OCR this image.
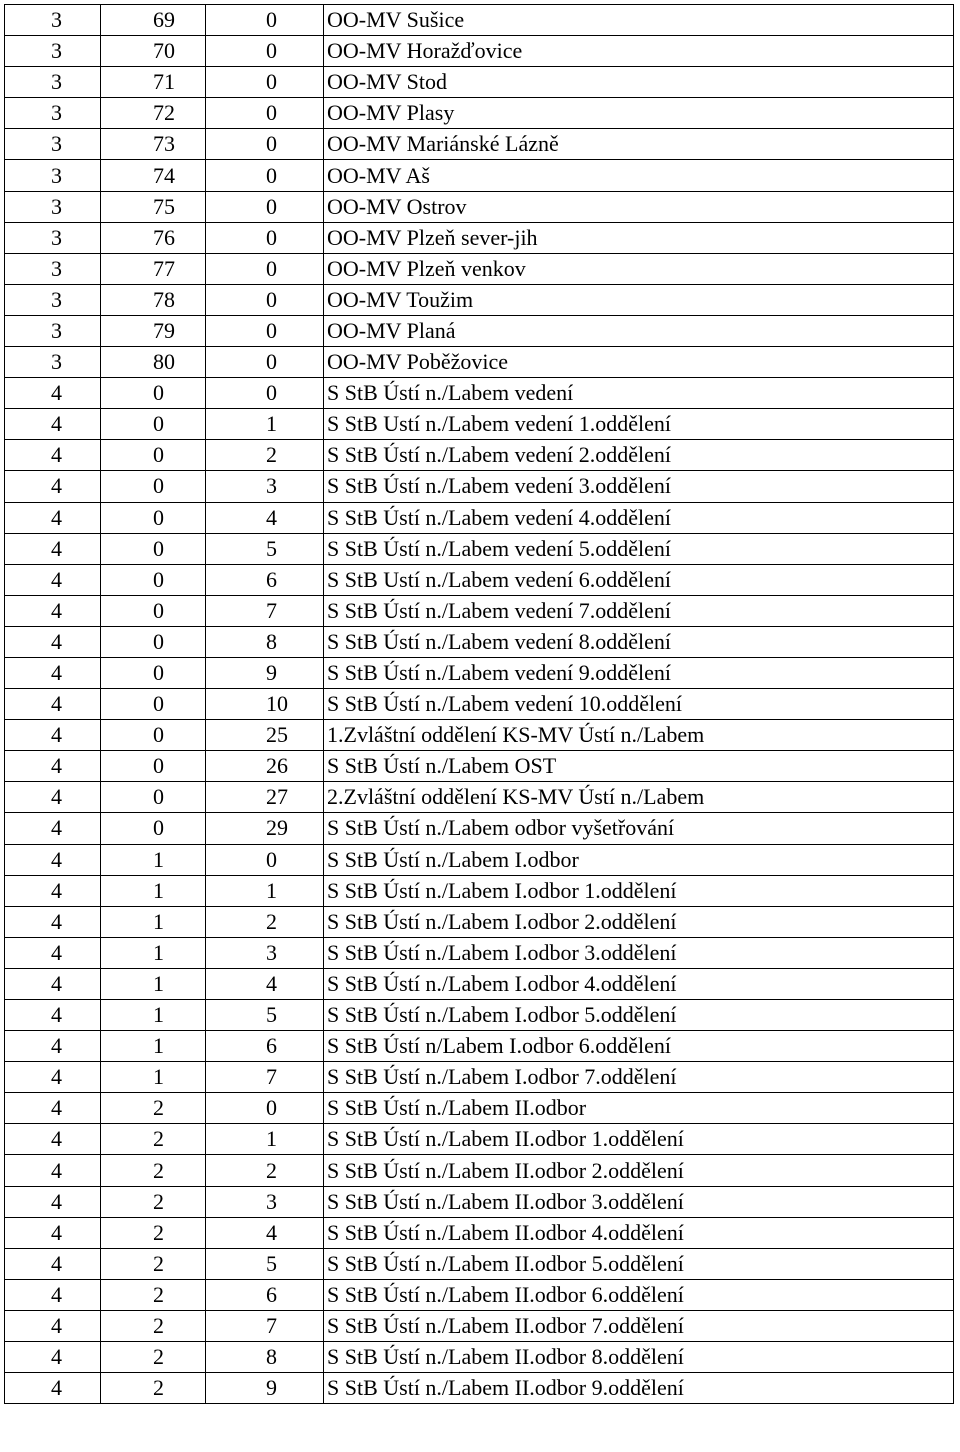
3	69	0	OO-MV Sušice
3	70	0	OO-MV Horažďovice
3	71	0	OO-MV Stod
3	72	0	OO-MV Plasy
3	73	0	OO-MV Mariánské Lázně
3	74	0	OO-MV Aš
3	75	0	OO-MV Ostrov
3	76	0	OO-MV Plzeň sever-jih
3	77	0	OO-MV Plzeň venkov
3	78	0	OO-MV Toužim
3	79	0	OO-MV Planá
3	80	0	OO-MV Poběžovice
4	0	0	S StB Ústí n./Labem vedení
4	0	1	S StB Ustí n./Labem vedení 1.oddělení
4	0	2	S StB Ústí n./Labem vedení 2.oddělení
4	0	3	S StB Ústí n./Labem vedení 3.oddělení
4	0	4	S StB Ústí n./Labem vedení 4.oddělení
4	0	5	S StB Ústí n./Labem vedení 5.oddělení
4	0	6	S StB Ustí n./Labem vedení 6.oddělení
4	0	7	S StB Ústí n./Labem vedení 7.oddělení
4	0	8	S StB Ústí n./Labem vedení 8.oddělení
4	0	9	S StB Ústí n./Labem vedení 9.oddělení
4	0	10	S StB Ústí n./Labem vedení 10.oddělení
4	0	25	1.Zvláštní oddělení KS-MV Ústí n./Labem
4	0	26	S StB Ústí n./Labem OST
4	0	27	2.Zvláštní oddělení KS-MV Ústí n./Labem
4	0	29	S StB Ústí n./Labem odbor vyšetřování
4	1	0	S StB Ústí n./Labem I.odbor
4	1	1	S StB Ústí n./Labem I.odbor 1.oddělení
4	1	2	S StB Ústí n./Labem I.odbor 2.oddělení
4	1	3	S StB Ústí n./Labem I.odbor 3.oddělení
4	1	4	S StB Ústí n./Labem I.odbor 4.oddělení
4	1	5	S StB Ústí n./Labem I.odbor 5.oddělení
4	1	6	S StB Ústí n/Labem I.odbor 6.oddělení
4	1	7	S StB Ústí n./Labem I.odbor 7.oddělení
4	2	0	S StB Ústí n./Labem II.odbor
4	2	1	S StB Ústí n./Labem II.odbor 1.oddělení
4	2	2	S StB Ústí n./Labem II.odbor 2.oddělení
4	2	3	S StB Ústí n./Labem II.odbor 3.oddělení
4	2	4	S StB Ústí n./Labem II.odbor 4.oddělení
4	2	5	S StB Ústí n./Labem II.odbor 5.oddělení
4	2	6	S StB Ústí n./Labem II.odbor 6.oddělení
4	2	7	S StB Ústí n./Labem II.odbor 7.oddělení
4	2	8	S StB Ústí n./Labem II.odbor 8.oddělení
4	2	9	S StB Ústí n./Labem II.odbor 9.oddělení
